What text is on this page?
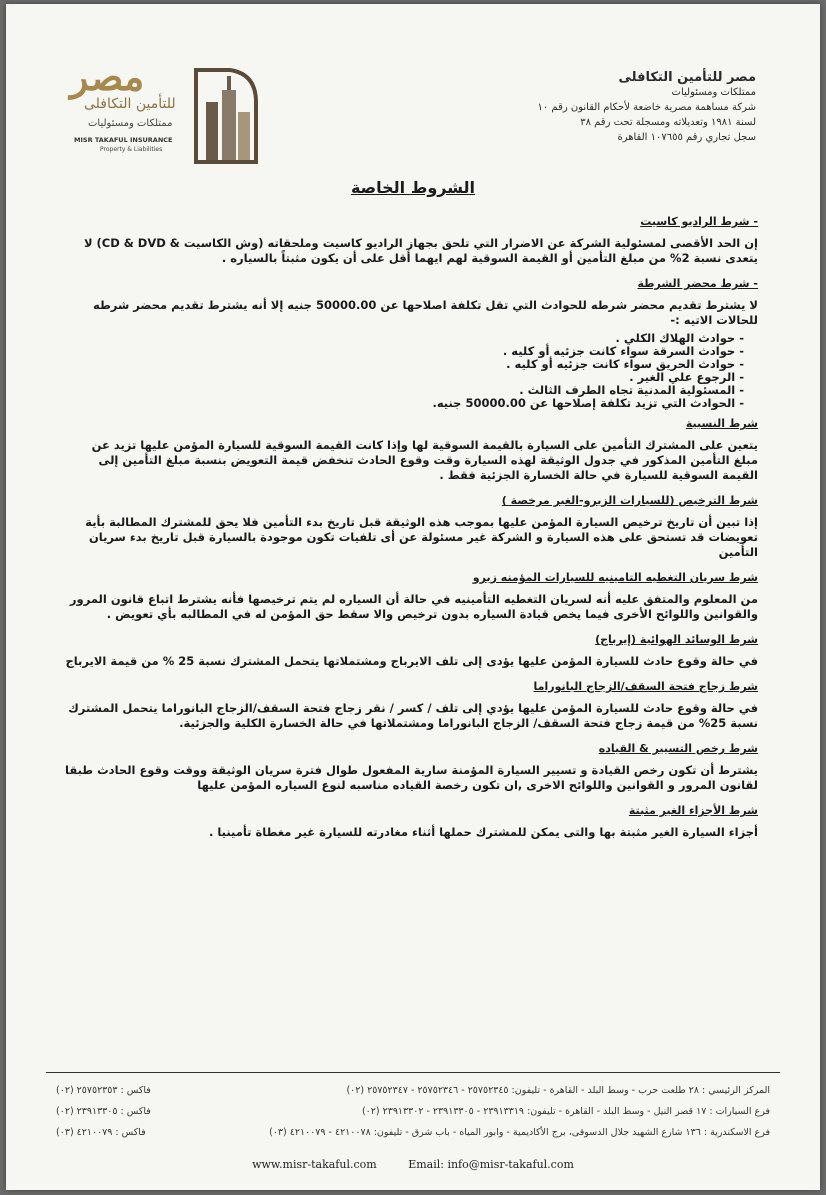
مصر
للتأمين التكافلى
ممتلكات ومسئوليات
MISR TAKAFUL INSURANCE
Property & Liabilities
مصر للتأمين التكافلى
ممتلكات ومسئوليات
شركة مساهمة مصرية خاضعة لأحكام القانون رقم ١٠
لسنة ١٩٨١ وتعديلاته ومسجلة تحت رقم ٣٨
سجل تجاري رقم ١٠٧٦٥٥ القاهرة
الشروط الخاصة
- شرط الراديو كاسيت
إن الحد الأقصى لمسئولية الشركة عن الاضرار التي تلحق بجهاز الراديو كاسيت وملحقاته (وش الكاسيت & CD & DVD) لا يتعدى نسبة 2% من مبلغ التأمين أو القيمة السوقية لهم ايهما أقل على أن يكون مثبتاً بالسياره .
- شرط محضر الشرطة
لا يشترط تقديم محضر شرطه للحوادث التي تقل تكلفة اصلاحها عن 50000.00 جنيه إلا أنه يشترط تقديم محضر شرطه للحالات الاتيه :-
- حوادث الهلاك الكلي .
- حوادث السرقة سواء كانت جزئيه أو كليه .
- حوادث الحريق سواء كانت جزئيه أو كليه .
- الرجوع علي الغير .
- المسئولية المدنية تجاه الطرف الثالث .
- الحوادث التي تزيد تكلفة إصلاحها عن 50000.00 جنيه.
شرط النسبية
يتعين على المشترك التأمين على السيارة بالقيمة السوقية لها وإذا كانت القيمة السوقية للسيارة المؤمن عليها تزيد عن مبلغ التأمين المذكور في جدول الوثيقة لهذه السيارة وقت وقوع الحادث تنخفض قيمة التعويض بنسبة مبلغ التأمين إلى القيمة السوقية للسيارة في حالة الخسارة الجزئية فقط .
شرط الترخيص (للسيارات الزيرو-الغير مرخصة )
إذا تبين أن تاريخ ترخيص السيارة المؤمن عليها بموجب هذه الوثيقة قبل تاريخ بدء التأمين فلا يحق للمشترك المطالبة بأية تعويضات قد تستحق على هذه السيارة و الشركة غير مسئولة عن أى تلفيات تكون موجودة بالسيارة قبل تاريخ بدء سريان التأمين
شرط سريان التغطيه التامينيه للسيارات المؤمنه زيرو
من المعلوم والمتفق عليه أنه لسريان التغطيه التأمينيه في حالة أن السياره لم يتم ترخيصها فأنه يشترط اتباع قانون المرور والقوانين واللوائح الأخرى فيما يخص قيادة السياره بدون ترخيص والا سقط حق المؤمن له في المطالبه بأي تعويض .
شرط الوسائد الهوائية (إيرباج)
في حالة وقوع حادث للسيارة المؤمن عليها يؤدى إلى تلف الايرباج ومشتملاتها يتحمل المشترك نسبة 25 % من قيمة الايرباج
شرط زجاج فتحة السقف/الزجاج البانوراما
في حالة وقوع حادث للسيارة المؤمن عليها يؤدي إلى تلف / كسر / نقر زجاج فتحة السقف/الزجاج البانوراما يتحمل المشترك نسبة 25% من قيمة زجاج فتحة السقف/ الزجاج البانوراما ومشتملاتها في حالة الخسارة الكلية والجزئية.
شرط رخص التسيير & القياده
يشترط أن تكون رخص القيادة و تسيير السيارة المؤمنة سارية المفعول طوال فترة سريان الوثيقة ووقت وقوع الحادث طبقا لقانون المرور و القوانين واللوائح الاخرى ,ان تكون رخصة القياده مناسبه لنوع السياره المؤمن عليها
شرط الأجزاء الغير مثبتة
أجزاء السيارة الغير مثبتة بها والتى يمكن للمشترك حملها أثناء مغادرته للسيارة غير مغطاة تأمينيا .
المركز الرئيسي : ٢٨ طلعت حرب - وسط البلد - القاهرة - تليفون: ٢٥٧٥٢٣٤٥ - ٢٥٧٥٢٣٤٦ - ٢٥٧٥٢٣٤٧ (٠٢)
فاكس : ٢٥٧٥٢٣٥٣ (٠٢)
فرع السيارات : ١٧ قصر النيل - وسط البلد - القاهرة - تليفون: ٢٣٩١٣٣١٩ - ٢٣٩١٣٣٠٥ - ٢٣٩١٣٣٠٢ (٠٢)
فاكس : ٢٣٩١٣٣٠٥ (٠٢)
فرع الاسكندرية : ١٣٦ شارع الشهيد جلال الدسوقى، برج الأكاديمية - وابور المياه - باب شرق - تليفون: ٤٢١٠٠٧٨ - ٤٢١٠٠٧٩ (٠٣)
فاكس : ٤٢١٠٠٧٩ (٠٣)
www.misr-takaful.com	Email: info@misr-takaful.com
